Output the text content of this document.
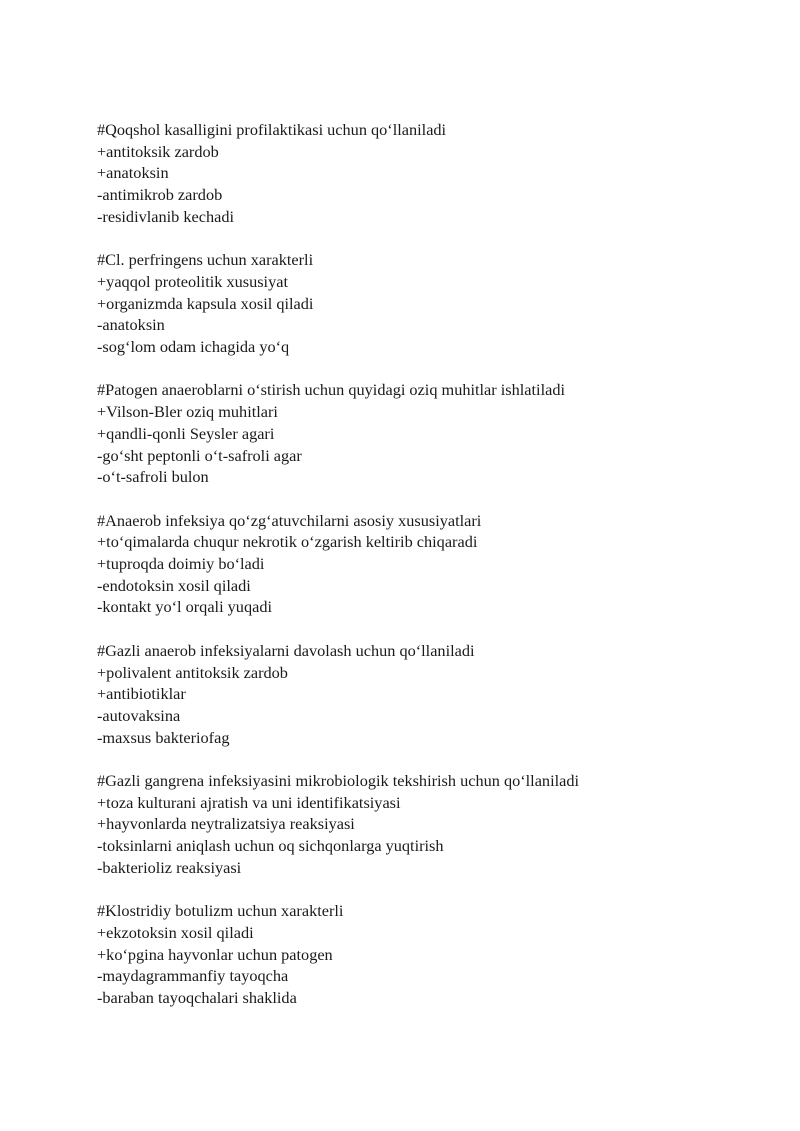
#Qoqshol kasalligini profilaktikasi uchun qo‘llaniladi
+antitoksik zardob
+anatoksin
-antimikrob zardob
-residivlanib kechadi
#Cl. perfringens uchun xarakterli
+yaqqol proteolitik xususiyat
+organizmda kapsula xosil qiladi
-anatoksin
-sog‘lom odam ichagida yo‘q
#Patogen anaeroblarni o‘stirish uchun quyidagi oziq muhitlar ishlatiladi
+Vilson-Bler oziq muhitlari
+qandli-qonli Seysler agari
-go‘sht peptonli o‘t-safroli agar
-o‘t-safroli bulon
#Anaerob infeksiya qo‘zg‘atuvchilarni asosiy xususiyatlari
+to‘qimalarda chuqur nekrotik o‘zgarish keltirib chiqaradi
+tuproqda doimiy bo‘ladi
-endotoksin xosil qiladi
-kontakt yo‘l orqali yuqadi
#Gazli anaerob infeksiyalarni davolash uchun qo‘llaniladi
+polivalent antitoksik zardob
+antibiotiklar
-autovaksina
-maxsus bakteriofag
#Gazli gangrena infeksiyasini mikrobiologik tekshirish uchun qo‘llaniladi
+toza kulturani ajratish va uni identifikatsiyasi
+hayvonlarda neytralizatsiya reaksiyasi
-toksinlarni aniqlash uchun oq sichqonlarga yuqtirish
-bakterioliz reaksiyasi
#Klostridiy botulizm uchun xarakterli
+ekzotoksin xosil qiladi
+ko‘pgina hayvonlar uchun patogen
-maydagrammanfiy tayoqcha
-baraban tayoqchalari shaklida
